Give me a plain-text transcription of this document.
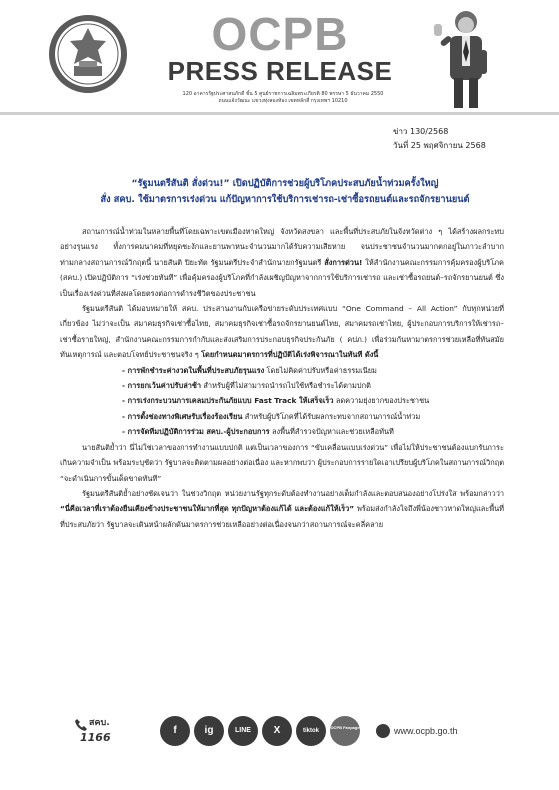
OCPB
PRESS RELEASE
120 อาคารรัฐประศาสนภักดี ชั้น 5 ศูนย์ราชการเฉลิมพระเกียรติ 80 พรรษา 5 ธันวาคม 2550
ถนนแจ้งวัฒนะ แขวงทุ่งสองห้อง เขตหลักสี่ กรุงเทพฯ 10210
ข่าว 130/2568
วันที่ 25 พฤศจิกายน 2568
“รัฐมนตรีสันติ สั่งด่วน!” เปิดปฏิบัติการช่วยผู้บริโภคประสบภัยน้ำท่วมครั้งใหญ่
สั่ง สคบ. ใช้มาตรการเร่งด่วน แก้ปัญหาการใช้บริการเช่ารถ-เช่าซื้อรถยนต์และรถจักรยานยนต์

สถานการณ์น้ำท่วมในหลายพื้นที่โดยเฉพาะเขตเมืองหาดใหญ่ จังหวัดสงขลา และพื้นที่ประสบภัยในจังหวัดต่าง ๆ ได้สร้างผลกระทบอย่างรุนแรง ทั้งการคมนาคมที่หยุดชะงักและยานพาหนะจำนวนมากได้รับความเสียหาย จนประชาชนจำนวนมากตกอยู่ในภาวะลำบาก ท่ามกลางสถานการณ์วิกฤตนี้ นายสันติ ปิยะทัต รัฐมนตรีประจำสำนักนายกรัฐมนตรี สั่งการด่วน! ให้สำนักงานคณะกรรมการคุ้มครองผู้บริโภค (สคบ.) เปิดปฏิบัติการ “เร่งช่วยทันที” เพื่อคุ้มครองผู้บริโภคที่กำลังเผชิญปัญหาจากการใช้บริการเช่ารถ และเช่าซื้อรถยนต์–รถจักรยานยนต์ ซึ่งเป็นเรื่องเร่งด่วนที่ส่งผลโดยตรงต่อการดำรงชีวิตของประชาชน

รัฐมนตรีสันติ ได้มอบหมายให้ สคบ. ประสานงานกับเครือข่ายระดับประเทศแบบ “One Command – All Action” กับทุกหน่วยที่เกี่ยวข้อง ไม่ว่าจะเป็น สมาคมธุรกิจเช่าซื้อไทย, สมาคมธุรกิจเช่าซื้อรถจักรยานยนต์ไทย, สมาคมรถเช่าไทย, ผู้ประกอบการบริการให้เช่ารถ–เช่าซื้อรายใหญ่, สำนักงานคณะกรรมการกำกับและส่งเสริมการประกอบธุรกิจประกันภัย ( คปภ.) เพื่อร่วมกันหามาตรการช่วยเหลือที่ทันสมัย ทันเหตุการณ์ และตอบโจทย์ประชาชนจริง ๆ โดยกำหนดมาตรการที่ปฏิบัติได้เร่งพิจารณาในทันที ดังนี้

- การพักชำระค่างวดในพื้นที่ประสบภัยรุนแรง โดยไม่คิดค่าปรับหรือค่าธรรมเนียม
- การยกเว้นค่าปรับล่าช้า สำหรับผู้ที่ไม่สามารถนำรถไปใช้หรือชำระได้ตามปกติ
- การเร่งกระบวนการเคลมประกันภัยแบบ Fast Track ให้เสร็จเร็ว ลดความยุ่งยากของประชาชน
- การตั้งช่องทางพิเศษรับเรื่องร้องเรียน สำหรับผู้บริโภคที่ได้รับผลกระทบจากสถานการณ์น้ำท่วม
- การจัดทีมปฏิบัติการร่วม สคบ.-ผู้ประกอบการ ลงพื้นที่สำรวจปัญหาและช่วยเหลือทันที

นายสันติย้ำว่า นี่ไม่ใช่เวลาของการทำงานแบบปกติ แต่เป็นเวลาของการ “ขับเคลื่อนแบบเร่งด่วน” เพื่อไม่ให้ประชาชนต้องแบกรับภาระเกินความจำเป็น พร้อมระบุชัดว่า รัฐบาลจะติดตามผลอย่างต่อเนื่อง และหากพบว่า ผู้ประกอบการรายใดเอาเปรียบผู้บริโภคในสถานการณ์วิกฤต “จะดำเนินการขั้นเด็ดขาดทันที”

รัฐมนตรีสันติย้ำอย่างชัดเจนว่า ในช่วงวิกฤต หน่วยงานรัฐทุกระดับต้องทำงานอย่างเต็มกำลังและตอบสนองอย่างโปร่งใส พร้อมกล่าวว่า “นี่คือเวลาที่เราต้องยืนเคียงข้างประชาชนให้มากที่สุด ทุกปัญหาต้องแก้ได้ และต้องแก้ให้เร็ว” พร้อมส่งกำลังใจถึงพี่น้องชาวหาดใหญ่และพื้นที่ที่ประสบภัยว่า รัฐบาลจะเดินหน้าผลักดันมาตรการช่วยเหลืออย่างต่อเนื่องจนกว่าสถานการณ์จะคลี่คลาย

สคบ.
1166
f	ig	LINE	X	tiktok
OCPB Fanpage	www.ocpb.go.th
